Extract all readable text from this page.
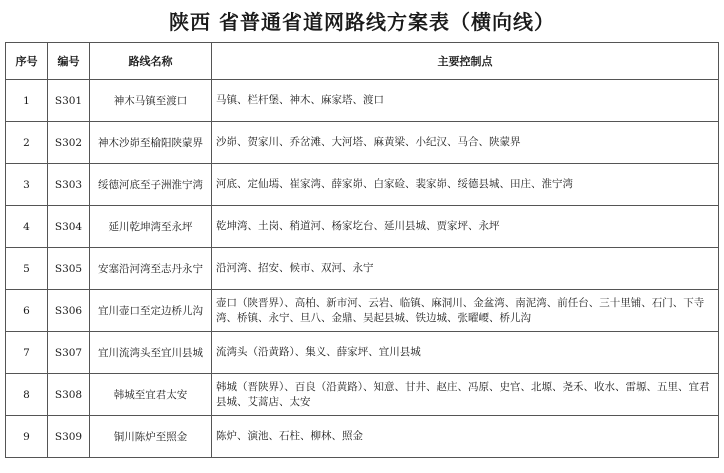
陕西 省普通省道网路线方案表（横向线）
序号	编号	路线名称	主要控制点
1	S301	神木马镇至渡口	马镇、栏杆堡、神木、麻家塔、渡口
2	S302	神木沙峁至榆阳陕蒙界	沙峁、贺家川、乔岔滩、大河塔、麻黄梁、小纪汉、马合、陕蒙界
3	S303	绥德河底至子洲淮宁湾	河底、定仙墕、崔家湾、薛家峁、白家硷、裴家峁、绥德县城、田庄、淮宁湾
4	S304	延川乾坤湾至永坪	乾坤湾、土岗、稍道河、杨家圪台、延川县城、贾家坪、永坪
5	S305	安塞沿河湾至志丹永宁	沿河湾、招安、候市、双河、永宁
6	S306	宜川壶口至定边桥儿沟	壶口（陕晋界）、高柏、新市河、云岩、临镇、麻洞川、金盆湾、南泥湾、前任台、三十里铺、石门、下寺湾、桥镇、永宁、旦八、金鼎、吴起县城、铁边城、张曜崾、桥儿沟
7	S307	宜川流湾头至宜川县城	流湾头（沿黄路）、集义、薛家坪、宜川县城
8	S308	韩城至宜君太安	韩城（晋陕界）、百良（沿黄路）、知意、甘井、赵庄、冯原、史官、北塬、尧禾、收水、雷塬、五里、宜君县城、艾蒿店、太安
9	S309	铜川陈炉至照金	陈炉、演池、石柱、柳林、照金
